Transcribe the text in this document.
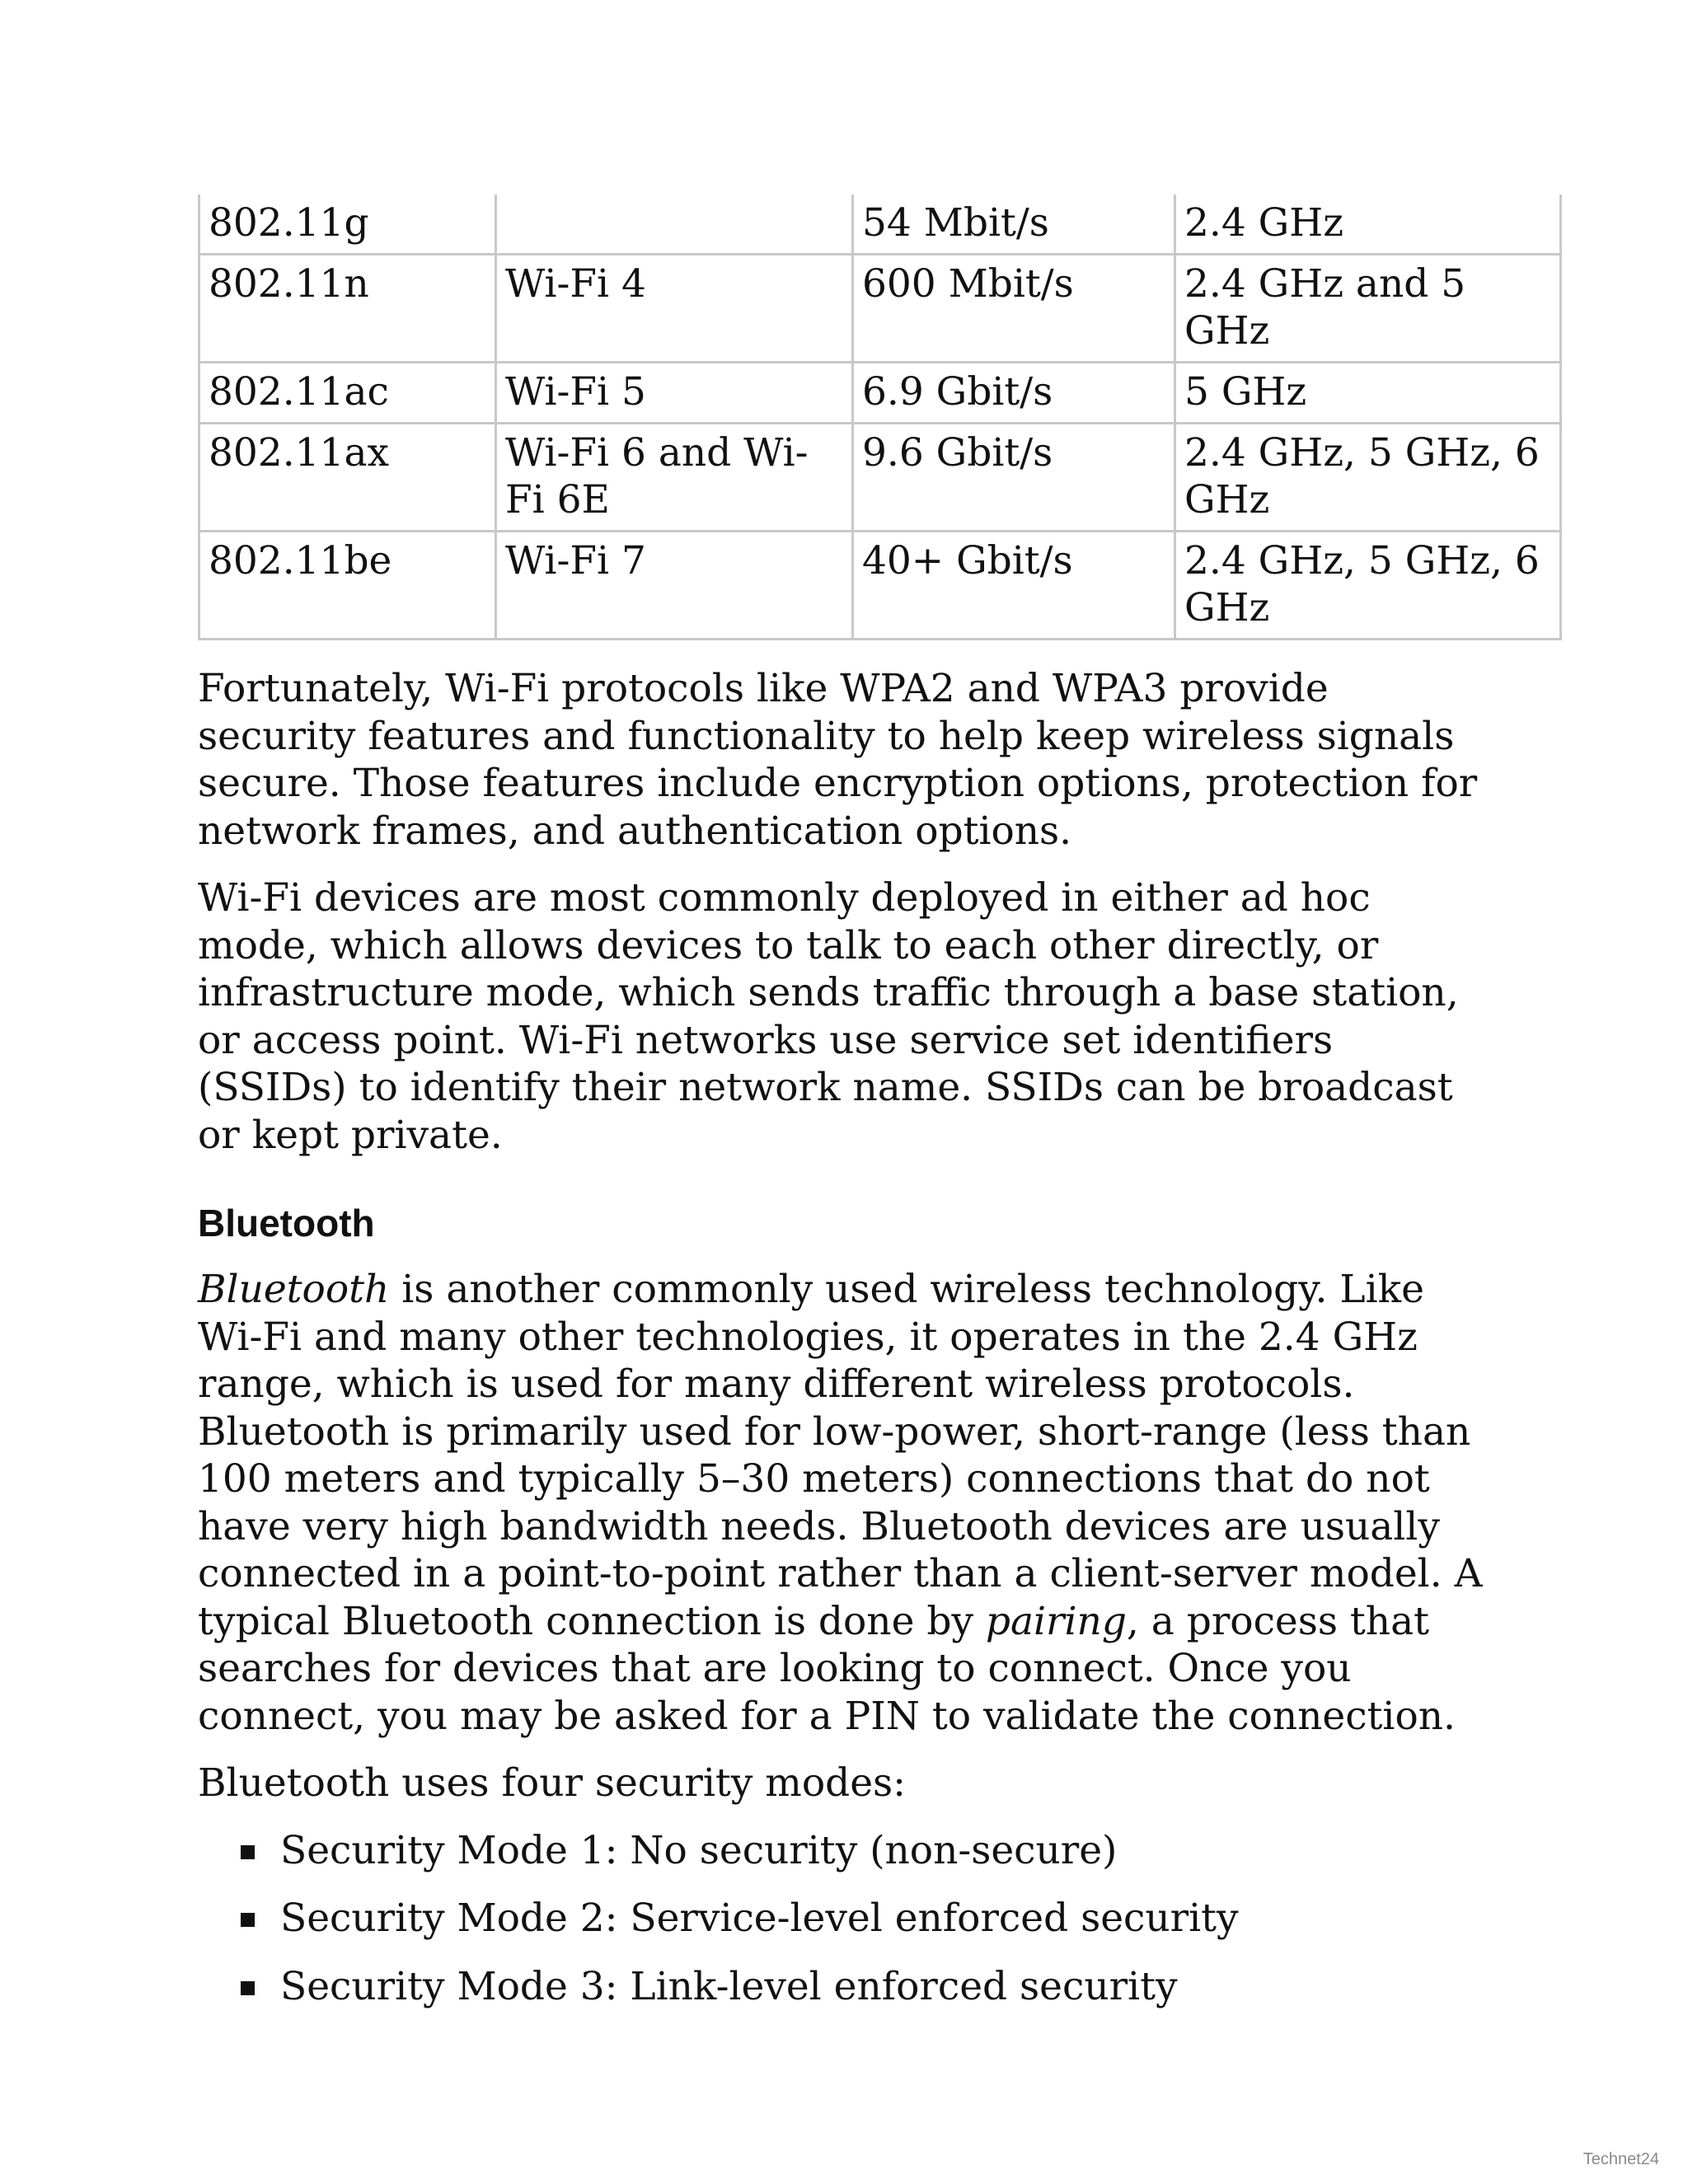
802.11g		54 Mbit/s	2.4 GHz
802.11n	Wi-Fi 4	600 Mbit/s	2.4 GHz and 5 GHz
802.11ac	Wi-Fi 5	6.9 Gbit/s	5 GHz
802.11ax	Wi-Fi 6 and Wi-Fi 6E	9.6 Gbit/s	2.4 GHz, 5 GHz, 6 GHz
802.11be	Wi-Fi 7	40+ Gbit/s	2.4 GHz, 5 GHz, 6 GHz

Fortunately, Wi-Fi protocols like WPA2 and WPA3 provide security features and functionality to help keep wireless signals secure. Those features include encryption options, protection for network frames, and authentication options.

Wi-Fi devices are most commonly deployed in either ad hoc mode, which allows devices to talk to each other directly, or infrastructure mode, which sends traffic through a base station, or access point. Wi-Fi networks use service set identifiers (SSIDs) to identify their network name. SSIDs can be broadcast or kept private.

Bluetooth

Bluetooth is another commonly used wireless technology. Like Wi-Fi and many other technologies, it operates in the 2.4 GHz range, which is used for many different wireless protocols. Bluetooth is primarily used for low-power, short-range (less than 100 meters and typically 5–30 meters) connections that do not have very high bandwidth needs. Bluetooth devices are usually connected in a point-to-point rather than a client-server model. A typical Bluetooth connection is done by pairing, a process that searches for devices that are looking to connect. Once you connect, you may be asked for a PIN to validate the connection.

Bluetooth uses four security modes:

Security Mode 1: No security (non-secure)
Security Mode 2: Service-level enforced security
Security Mode 3: Link-level enforced security
Technet24
